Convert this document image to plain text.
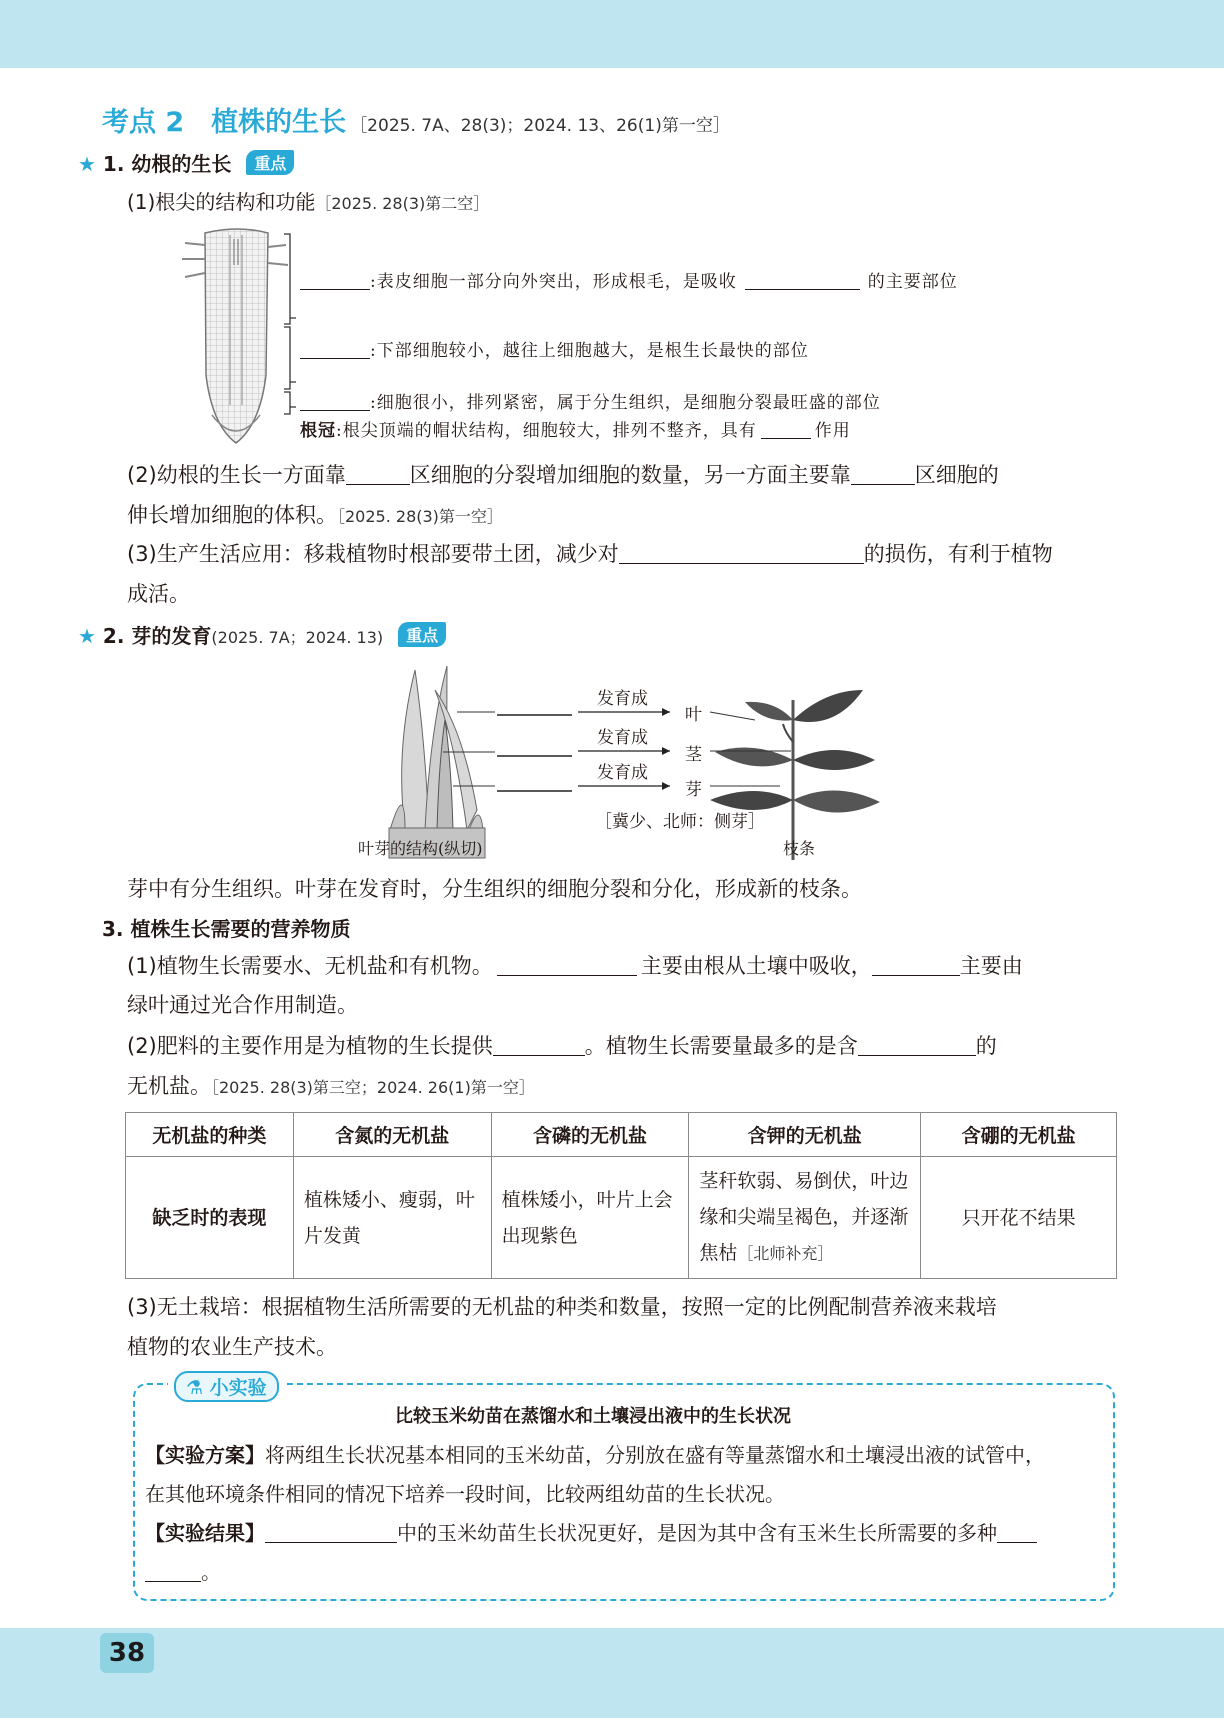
考点 2　植株的生长 ［2025. 7A、28(3)；2024. 13、26(1)第一空］
★ 1. 幼根的生长 重点
(1)根尖的结构和功能［2025. 28(3)第二空］
:表皮细胞一部分向外突出，形成根毛，是吸收	的主要部位
:下部细胞较小，越往上细胞越大，是根生长最快的部位
:细胞很小，排列紧密，属于分生组织，是细胞分裂最旺盛的部位
根冠:根尖顶端的帽状结构，细胞较大，排列不整齐，具有	作用
(2)幼根的生长一方面靠	区细胞的分裂增加细胞的数量，另一方面主要靠	区细胞的
伸长增加细胞的体积。［2025. 28(3)第一空］
(3)生产生活应用：移栽植物时根部要带土团，减少对	的损伤，有利于植物
成活。
★ 2. 芽的发育(2025. 7A；2024. 13) 重点
发育成
发育成
发育成
叶
茎
芽
［冀少、北师：侧芽］
叶芽的结构(纵切)	枝条
芽中有分生组织。叶芽在发育时，分生组织的细胞分裂和分化，形成新的枝条。
3. 植株生长需要的营养物质
(1)植物生长需要水、无机盐和有机物。	主要由根从土壤中吸收，	主要由
绿叶通过光合作用制造。
(2)肥料的主要作用是为植物的生长提供	。植物生长需要量最多的是含	的
无机盐。［2025. 28(3)第三空；2024. 26(1)第一空］
无机盐的种类	含氮的无机盐	含磷的无机盐	含钾的无机盐	含硼的无机盐
缺乏时的表现	植株矮小、瘦弱，叶片发黄	植株矮小，叶片上会出现紫色	茎秆软弱、易倒伏，叶边缘和尖端呈褐色，并逐渐焦枯［北师补充］	只开花不结果
(3)无土栽培：根据植物生活所需要的无机盐的种类和数量，按照一定的比例配制营养液来栽培
植物的农业生产技术。
⚗ 小实验
比较玉米幼苗在蒸馏水和土壤浸出液中的生长状况
【实验方案】将两组生长状况基本相同的玉米幼苗，分别放在盛有等量蒸馏水和土壤浸出液的试管中，
在其他环境条件相同的情况下培养一段时间，比较两组幼苗的生长状况。
【实验结果】	中的玉米幼苗生长状况更好，是因为其中含有玉米生长所需要的多种
。
38
